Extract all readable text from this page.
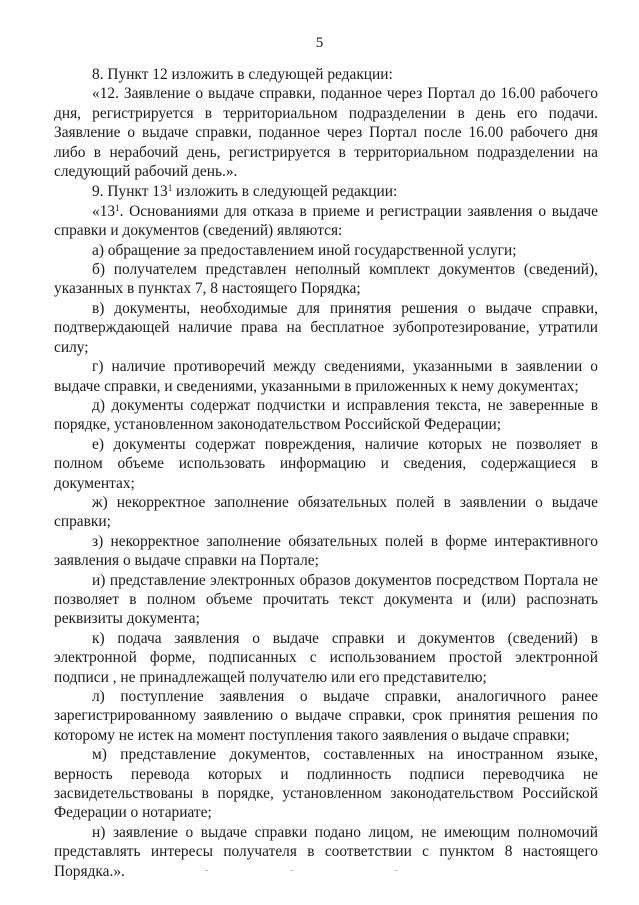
5

8. Пункт 12 изложить в следующей редакции:

«12. Заявление о выдаче справки, поданное через Портал до 16.00 рабочего дня, регистрируется в территориальном подразделении в день его подачи. Заявление о выдаче справки, поданное через Портал после 16.00 рабочего дня либо в нерабочий день, регистрируется в территориальном подразделении на следующий рабочий день.».

9. Пункт $13^1$ изложить в следующей редакции:

«$13^1$. Основаниями для отказа в приеме и регистрации заявления о выдаче справки и документов (сведений) являются:

а) обращение за предоставлением иной государственной услуги;

б) получателем представлен неполный комплект документов (сведений), указанных в пунктах 7, 8 настоящего Порядка;

в) документы, необходимые для принятия решения о выдаче справки, подтверждающей наличие права на бесплатное зубопротезирование, утратили силу;

г) наличие противоречий между сведениями, указанными в заявлении о выдаче справки, и сведениями, указанными в приложенных к нему документах;

д) документы содержат подчистки и исправления текста, не заверенные в порядке, установленном законодательством Российской Федерации;

е) документы содержат повреждения, наличие которых не позволяет в полном объеме использовать информацию и сведения, содержащиеся в документах;

ж) некорректное заполнение обязательных полей в заявлении о выдаче справки;

з) некорректное заполнение обязательных полей в форме интерактивного заявления о выдаче справки на Портале;

и) представление электронных образов документов посредством Портала не позволяет в полном объеме прочитать текст документа и (или) распознать реквизиты документа;

к) подача заявления о выдаче справки и документов (сведений) в электронной форме, подписанных с использованием простой электронной подписи , не принадлежащей получателю или его представителю;

л) поступление заявления о выдаче справки, аналогичного ранее зарегистрированному заявлению о выдаче справки, срок принятия решения по которому не истек на момент поступления такого заявления о выдаче справки;

м) представление документов, составленных на иностранном языке, верность перевода которых и подлинность подписи переводчика не засвидетельствованы в порядке, установленном законодательством Российской Федерации о нотариате;

н) заявление о выдаче справки подано лицом, не имеющим полномочий представлять интересы получателя в соответствии с пунктом 8 настоящего Порядка.».
